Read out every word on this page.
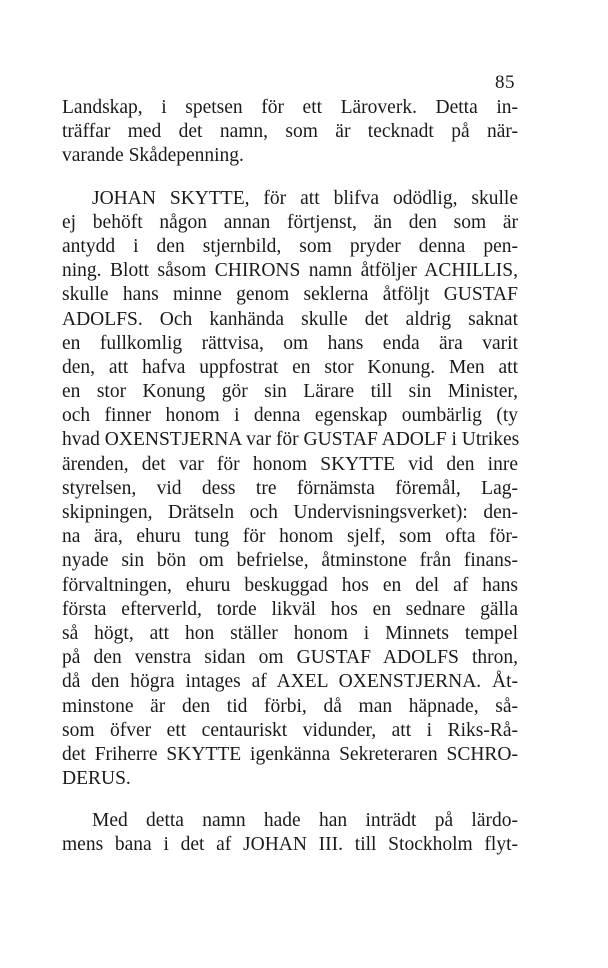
85
Landskap, i spetsen för ett Läroverk. Detta in-
träffar med det namn, som är tecknadt på när-
varande Skådepenning.
JOHAN SKYTTE, för att blifva odödlig, skulle
ej behöft någon annan förtjenst, än den som är
antydd i den stjernbild, som pryder denna pen-
ning. Blott såsom CHIRONS namn åtföljer ACHILLIS,
skulle hans minne genom seklerna åtföljt GUSTAF
ADOLFS. Och kanhända skulle det aldrig saknat
en fullkomlig rättvisa, om hans enda ära varit
den, att hafva uppfostrat en stor Konung. Men att
en stor Konung gör sin Lärare till sin Minister,
och finner honom i denna egenskap oumbärlig (ty
hvad OXENSTJERNA var för GUSTAF ADOLF i Utrikes
ärenden, det var för honom SKYTTE vid den inre
styrelsen, vid dess tre förnämsta föremål, Lag-
skipningen, Drätseln och Undervisningsverket): den-
na ära, ehuru tung för honom sjelf, som ofta för-
nyade sin bön om befrielse, åtminstone från finans-
förvaltningen, ehuru beskuggad hos en del af hans
första efterverld, torde likväl hos en sednare gälla
så högt, att hon ställer honom i Minnets tempel
på den venstra sidan om GUSTAF ADOLFS thron,
då den högra intages af AXEL OXENSTJERNA. Åt-
minstone är den tid förbi, då man häpnade, så-
som öfver ett centauriskt vidunder, att i Riks-Rå-
det Friherre SKYTTE igenkänna Sekreteraren SCHRO-
DERUS.
Med detta namn hade han inträdt på lärdo-
mens bana i det af JOHAN III. till Stockholm flyt-
